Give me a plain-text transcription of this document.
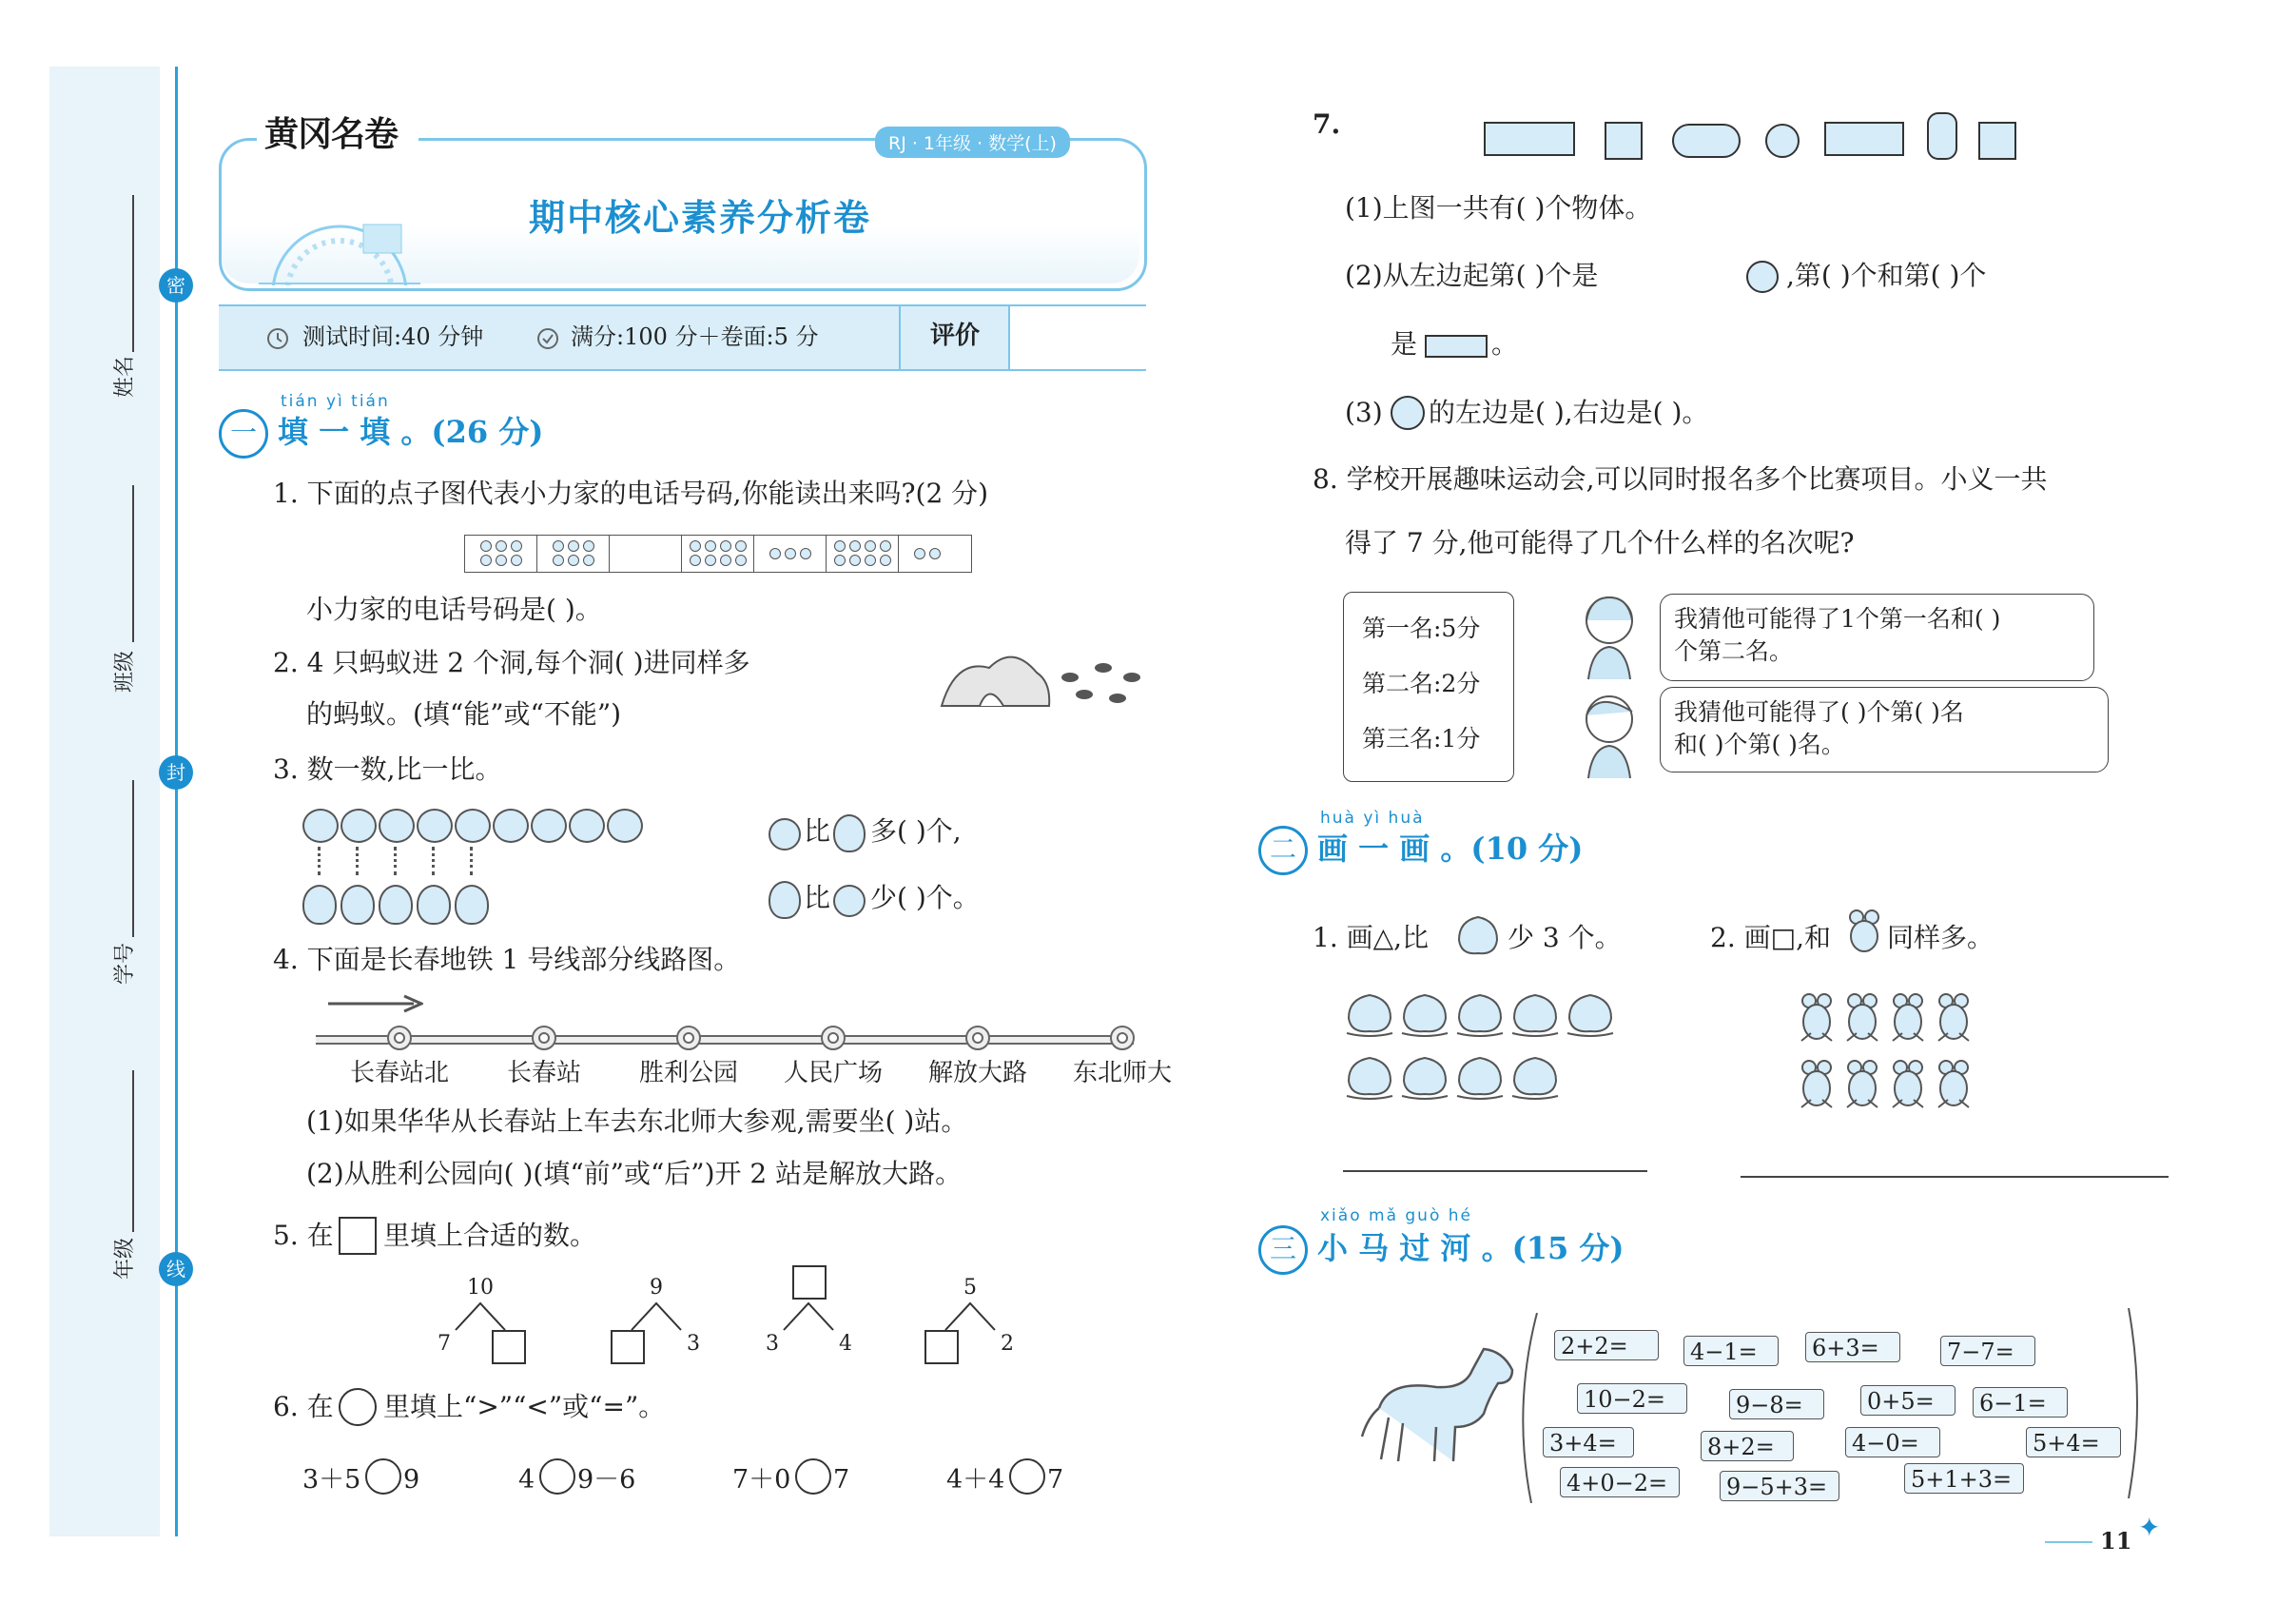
姓名
班级
学号
年级
密
封
线
黄冈名卷	RJ · 1年级 · 数学(上)
期中核心素养分析卷
测试时间:40 分钟	满分:100 分＋卷面:5 分	评价
tián yì tián
一 填 一 填 。(26 分)
1. 下面的点子图代表小力家的电话号码,你能读出来吗?(2 分)
小力家的电话号码是( )。
2. 4 只蚂蚁进 2 个洞,每个洞( )进同样多
的蚂蚁。(填“能”或“不能”)
3. 数一数,比一比。
比 多( )个,
比 少( )个。
4. 下面是长春地铁 1 号线部分线路图。
长春站北	长春站	胜利公园	人民广场	解放大路	东北师大
(1)如果华华从长春站上车去东北师大参观,需要坐( )站。
(2)从胜利公园向( )(填“前”或“后”)开 2 站是解放大路。
5. 在 里填上合适的数。
10
7
9
3	3	4
5
2
6. 在 里填上“>”“<”或“=”。
3＋5 9	4 9－6	7＋0 7	4＋4 7
7.
(1)上图一共有( )个物体。
(2)从左边起第( )个是	,第( )个和第( )个
是	。
(3) 的左边是( ),右边是( )。
8. 学校开展趣味运动会,可以同时报名多个比赛项目。小义一共
得了 7 分,他可能得了几个什么样的名次呢?
第一名:5分
第二名:2分
第三名:1分
我猜他可能得了1个第一名和( )
个第二名。
我猜他可能得了( )个第( )名
和( )个第( )名。
huà yì huà
二 画 一 画 。(10 分)
1. 画△,比	少 3 个。	2. 画□,和 同样多。
xiǎo mǎ guò hé
三 小 马 过 河 。(15 分)
2+2=	4−1=	6+3=	7−7=
10−2=	9−8=	0+5=	6−1=
3+4=	8+2=	4−0=	5+4=
4+0−2=	9−5+3=	5+1+3=
11 ✦
